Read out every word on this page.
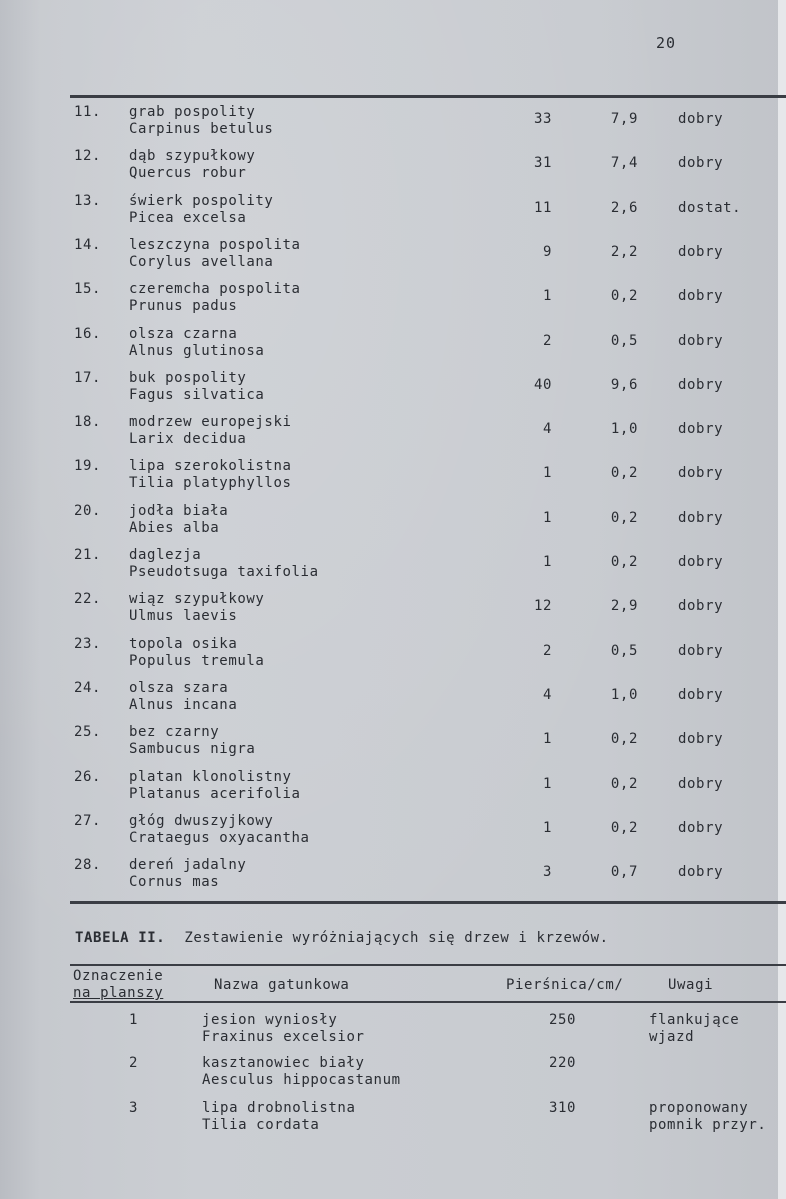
20
11.	grab pospolity
Carpinus betulus
33	7,9	dobry
12.	dąb szypułkowy
Quercus robur
31	7,4	dobry
13.	świerk pospolity
Picea excelsa
11	2,6	dostat.
14.	leszczyna pospolita
Corylus avellana
9	2,2	dobry
15.	czeremcha pospolita
Prunus padus
1	0,2	dobry
16.	olsza czarna
Alnus glutinosa
2	0,5	dobry
17.	buk pospolity
Fagus silvatica
40	9,6	dobry
18.	modrzew europejski
Larix decidua
4	1,0	dobry
19.	lipa szerokolistna
Tilia platyphyllos
1	0,2	dobry
20.	jodła biała
Abies alba
1	0,2	dobry
21.	daglezja
Pseudotsuga taxifolia
1	0,2	dobry
22.	wiąz szypułkowy
Ulmus laevis
12	2,9	dobry
23.	topola osika
Populus tremula
2	0,5	dobry
24.	olsza szara
Alnus incana
4	1,0	dobry
25.	bez czarny
Sambucus nigra
1	0,2	dobry
26.	platan klonolistny
Platanus acerifolia
1	0,2	dobry
27.	głóg dwuszyjkowy
Crataegus oxyacantha
1	0,2	dobry
28.	dereń jadalny
Cornus mas
3	0,7	dobry
TABELA II. Zestawienie wyróżniających się drzew i krzewów.
Oznaczenie
na planszy	Nazwa gatunkowa	Pierśnica/cm/	Uwagi
1	jesion wyniosły
Fraxinus excelsior
250	flankujące
wjazd
2	kasztanowiec biały
Aesculus hippocastanum
220
3	lipa drobnolistna
Tilia cordata
310	proponowany
pomnik przyr.
